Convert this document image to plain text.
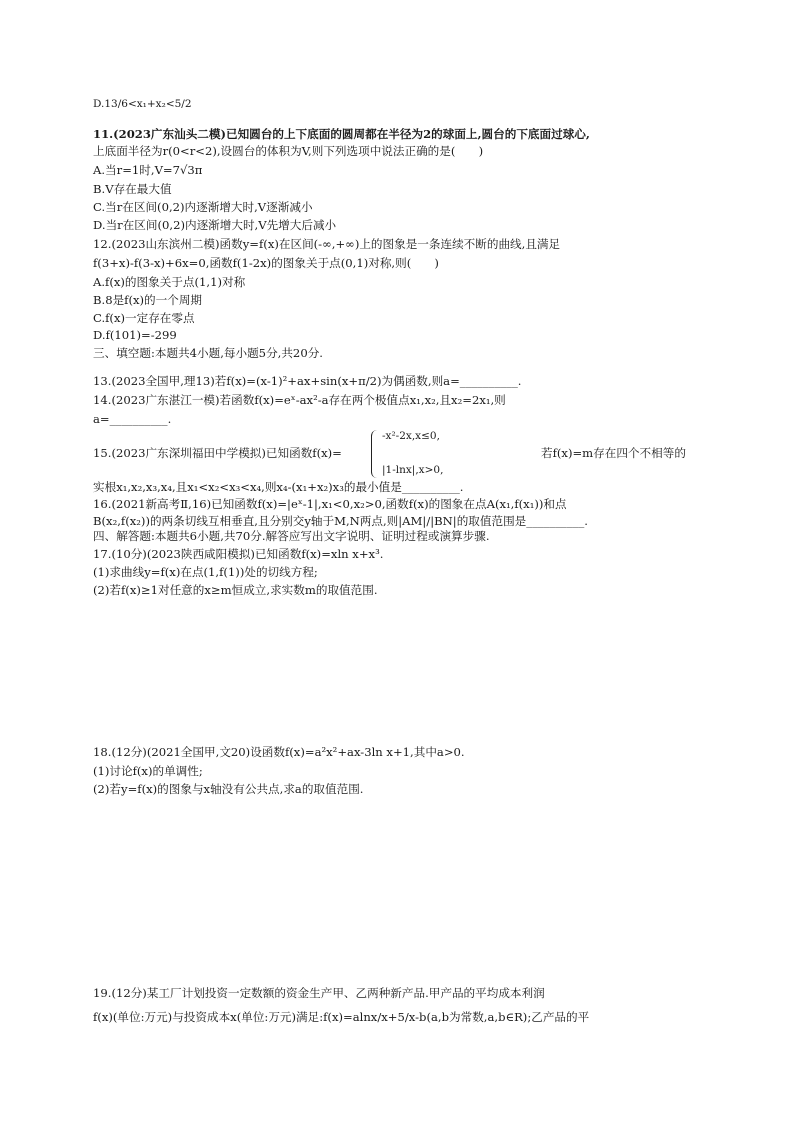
D.13/6<x₁+x₂<5/2
11.(2023广东汕头二模)已知圆台的上下底面的圆周都在半径为2的球面上,圆台的下底面过球心,
上底面半径为r(0<r<2),设圆台的体积为V,则下列选项中说法正确的是(　　)
A.当r=1时,V=7√3π
B.V存在最大值
C.当r在区间(0,2)内逐渐增大时,V逐渐减小
D.当r在区间(0,2)内逐渐增大时,V先增大后减小
12.(2023山东滨州二模)函数y=f(x)在区间(-∞,+∞)上的图象是一条连续不断的曲线,且满足
f(3+x)-f(3-x)+6x=0,函数f(1-2x)的图象关于点(0,1)对称,则(　　)
A.f(x)的图象关于点(1,1)对称
B.8是f(x)的一个周期
C.f(x)一定存在零点
D.f(101)=-299
三、填空题:本题共4小题,每小题5分,共20分.
13.(2023全国甲,理13)若f(x)=(x-1)²+ax+sin(x+π/2)为偶函数,则a=__________.
14.(2023广东湛江一模)若函数f(x)=eˣ-ax²-a存在两个极值点x₁,x₂,且x₂=2x₁,则
a=__________.
-x²-2x,x≤0,
15.(2023广东深圳福田中学模拟)已知函数f(x)=	若f(x)=m存在四个不相等的
|1-lnx|,x>0,
实根x₁,x₂,x₃,x₄,且x₁<x₂<x₃<x₄,则x₄-(x₁+x₂)x₃的最小值是__________.
16.(2021新高考Ⅱ,16)已知函数f(x)=|eˣ-1|,x₁<0,x₂>0,函数f(x)的图象在点A(x₁,f(x₁))和点
B(x₂,f(x₂))的两条切线互相垂直,且分别交y轴于M,N两点,则|AM|/|BN|的取值范围是__________.
四、解答题:本题共6小题,共70分.解答应写出文字说明、证明过程或演算步骤.
17.(10分)(2023陕西咸阳模拟)已知函数f(x)=xln x+x³.
(1)求曲线y=f(x)在点(1,f(1))处的切线方程;
(2)若f(x)≥1对任意的x≥m恒成立,求实数m的取值范围.
18.(12分)(2021全国甲,文20)设函数f(x)=a²x²+ax-3ln x+1,其中a>0.
(1)讨论f(x)的单调性;
(2)若y=f(x)的图象与x轴没有公共点,求a的取值范围.
19.(12分)某工厂计划投资一定数额的资金生产甲、乙两种新产品.甲产品的平均成本利润
f(x)(单位:万元)与投资成本x(单位:万元)满足:f(x)=alnx/x+5/x-b(a,b为常数,a,b∈R);乙产品的平
